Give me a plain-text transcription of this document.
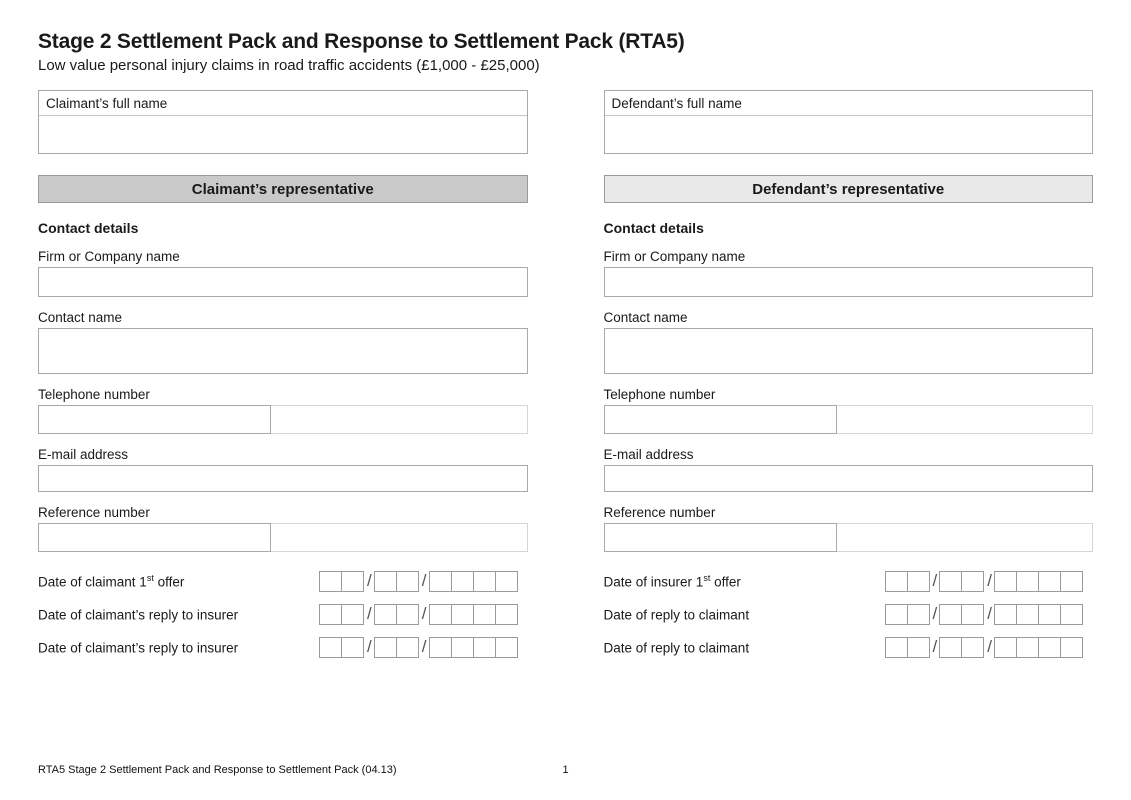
Stage 2 Settlement Pack and Response to Settlement Pack (RTA5)
Low value personal injury claims in road traffic accidents (£1,000 - £25,000)
Claimant’s full name
Claimant’s representative
Contact details
Firm or Company name
Contact name
Telephone number
E-mail address
Reference number
Date of claimant 1st offer	/	/
Date of claimant’s reply to insurer	/	/
Date of claimant’s reply to insurer	/	/
Defendant’s full name
Defendant’s representative
Contact details
Firm or Company name
Contact name
Telephone number
E-mail address
Reference number
Date of insurer 1st offer	/	/
Date of reply to claimant	/	/
Date of reply to claimant	/	/
RTA5 Stage 2 Settlement Pack and Response to Settlement Pack (04.13)	1
